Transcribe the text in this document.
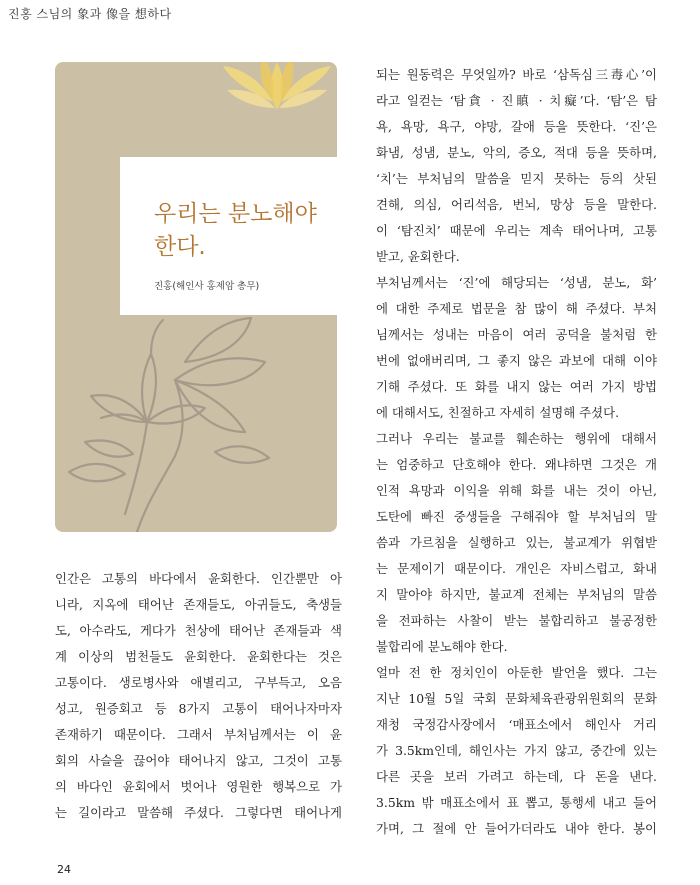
진홍 스님의 象과 像을 想하다
우리는 분노해야
한다.
진홍(해인사 홍제암 총무)
인간은 고통의 바다에서 윤회한다. 인간뿐만 아
니라, 지옥에 태어난 존재들도, 아귀들도, 축생들
도, 아수라도, 게다가 천상에 태어난 존재들과 색
계 이상의 범천들도 윤회한다. 윤회한다는 것은
고통이다. 생로병사와 애별리고, 구부득고, 오음
성고, 원증회고 등 8가지 고통이 태어나자마자
존재하기 때문이다. 그래서 부처님께서는 이 윤
회의 사슬을 끊어야 태어나지 않고, 그것이 고통
의 바다인 윤회에서 벗어나 영원한 행복으로 가
는 길이라고 말씀해 주셨다. 그렇다면 태어나게
되는 원동력은 무엇일까? 바로 ‘삼독심三毒心’이
라고 일컫는 ‘탐貪 · 진瞋 · 치癡’다. ‘탐’은 탐
욕, 욕망, 욕구, 야망, 갈애 등을 뜻한다. ‘진’은
화냄, 성냄, 분노, 악의, 증오, 적대 등을 뜻하며,
‘치’는 부처님의 말씀을 믿지 못하는 등의 삿된
견해, 의심, 어리석음, 번뇌, 망상 등을 말한다.
이 ‘탐진치’ 때문에 우리는 계속 태어나며, 고통
받고, 윤회한다.
부처님께서는 ‘진’에 해당되는 ‘성냄, 분노, 화’
에 대한 주제로 법문을 참 많이 해 주셨다. 부처
님께서는 성내는 마음이 여러 공덕을 불처럼 한
번에 없애버리며, 그 좋지 않은 과보에 대해 이야
기해 주셨다. 또 화를 내지 않는 여러 가지 방법
에 대해서도, 친절하고 자세히 설명해 주셨다.
그러나 우리는 불교를 훼손하는 행위에 대해서
는 엄중하고 단호해야 한다. 왜냐하면 그것은 개
인적 욕망과 이익을 위해 화를 내는 것이 아닌,
도탄에 빠진 중생들을 구해줘야 할 부처님의 말
씀과 가르침을 실행하고 있는, 불교계가 위협받
는 문제이기 때문이다. 개인은 자비스럽고, 화내
지 말아야 하지만, 불교계 전체는 부처님의 말씀
을 전파하는 사찰이 받는 불합리하고 불공정한
불합리에 분노해야 한다.
얼마 전 한 정치인이 아둔한 발언을 했다. 그는
지난 10월 5일 국회 문화체육관광위원회의 문화
재청 국정감사장에서 ‘매표소에서 해인사 거리
가 3.5km인데, 해인사는 가지 않고, 중간에 있는
다른 곳을 보러 가려고 하는데, 다 돈을 낸다.
3.5km 밖 매표소에서 표 뽑고, 통행세 내고 들어
가며, 그 절에 안 들어가더라도 내야 한다. 봉이
24
